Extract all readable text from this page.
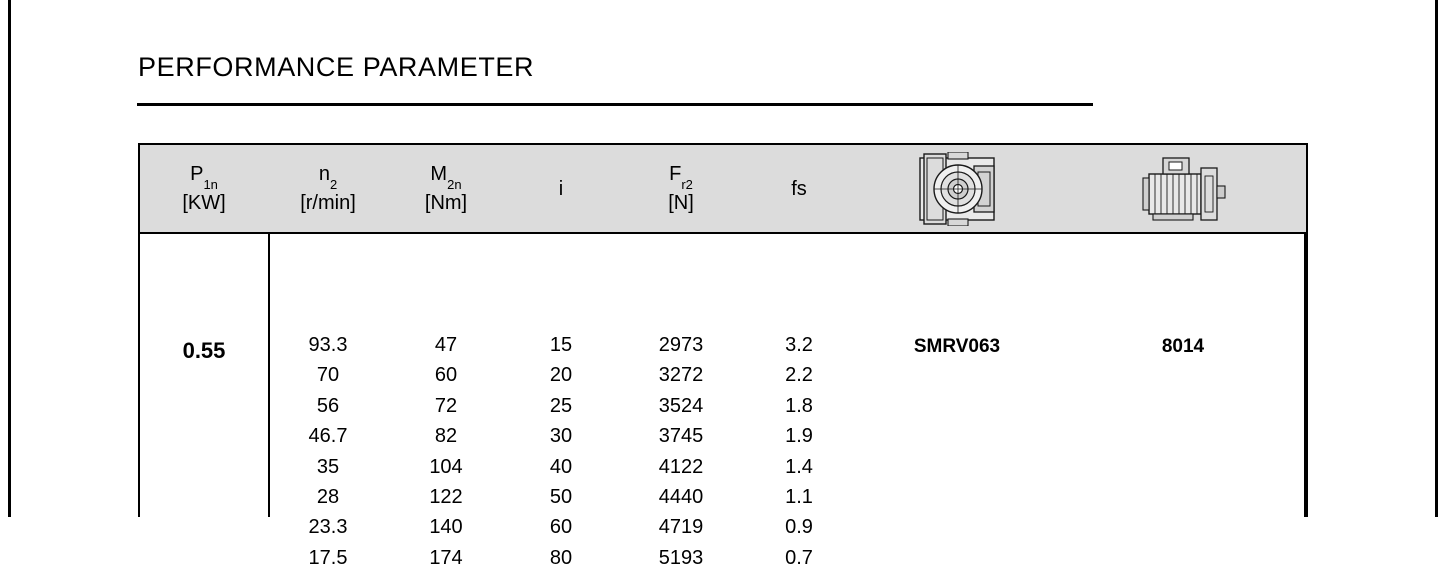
PERFORMANCE PARAMETER
$P_{1n}$
[KW]
$n_2$
[r/min]
$M_{2n}$
[Nm]
i
$F_{r2}$
[N]
fs
0.55	93.3
70
56
46.7
35
28
23.3
17.5
47
60
72
82
104
122
140
174
15
20
25
30
40
50
60
80
2973
3272
3524
3745
4122
4440
4719
5193
3.2
2.2
1.8
1.9
1.4
1.1
0.9
0.7
SMRV063	8014
